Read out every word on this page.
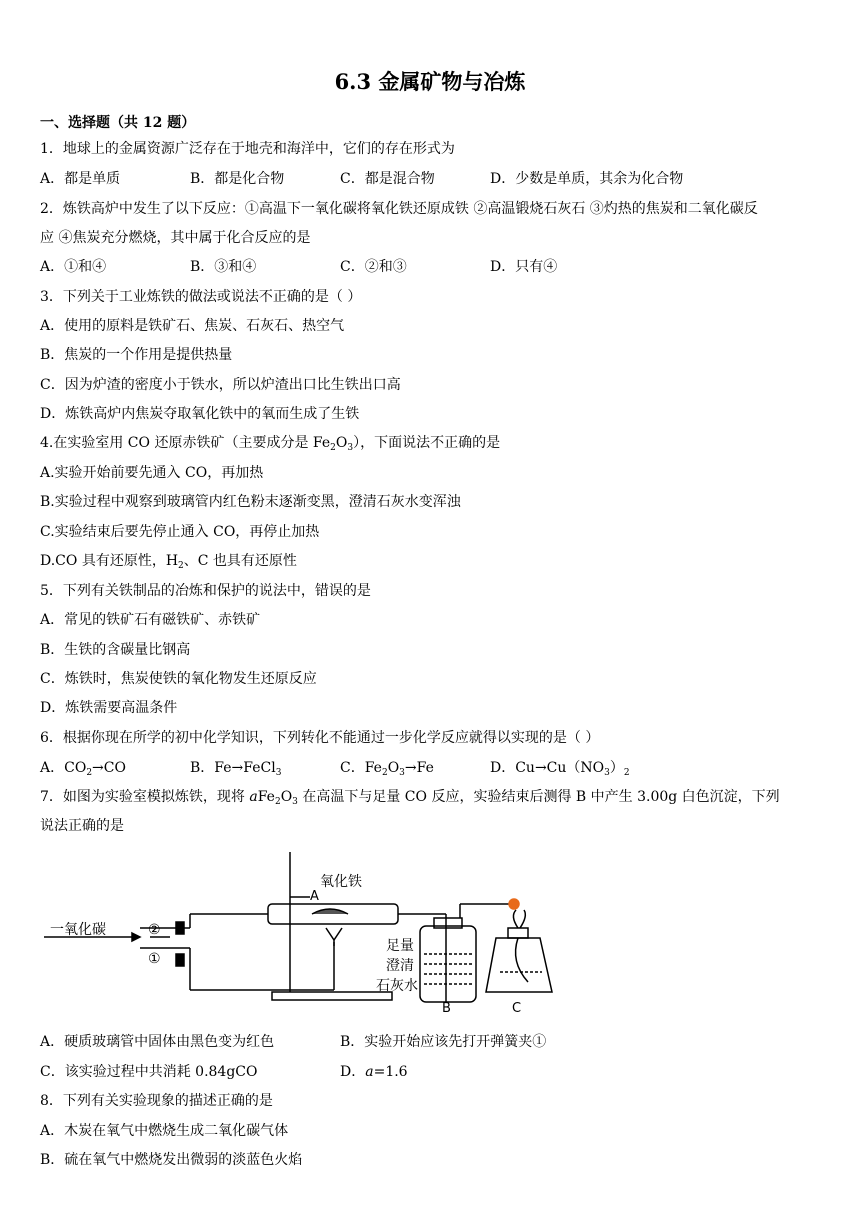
6.3 金属矿物与冶炼
一、选择题（共 12 题）
1．地球上的金属资源广泛存在于地壳和海洋中，它们的存在形式为
A．都是单质	B．都是化合物	C．都是混合物	D．少数是单质，其余为化合物
2．炼铁高炉中发生了以下反应：①高温下一氧化碳将氧化铁还原成铁 ②高温锻烧石灰石 ③灼热的焦炭和二氧化碳反
应 ④焦炭充分燃烧，其中属于化合反应的是
A．①和④	B．③和④	C．②和③	D．只有④
3．下列关于工业炼铁的做法或说法不正确的是（ ）
A．使用的原料是铁矿石、焦炭、石灰石、热空气
B．焦炭的一个作用是提供热量
C．因为炉渣的密度小于铁水，所以炉渣出口比生铁出口高
D．炼铁高炉内焦炭夺取氧化铁中的氧而生成了生铁
4.在实验室用 CO 还原赤铁矿（主要成分是 $Fe_2O_3$），下面说法不正确的是
A.实验开始前要先通入 CO，再加热
B.实验过程中观察到玻璃管内红色粉末逐渐变黑，澄清石灰水变浑浊
C.实验结束后要先停止通入 CO，再停止加热
D.CO 具有还原性，$H_2$、C 也具有还原性
5．下列有关铁制品的冶炼和保护的说法中，错误的是
A．常见的铁矿石有磁铁矿、赤铁矿
B．生铁的含碳量比钢高
C．炼铁时，焦炭使铁的氧化物发生还原反应
D．炼铁需要高温条件
6．根据你现在所学的初中化学知识，下列转化不能通过一步化学反应就得以实现的是（ ）
A．$CO_2\to CO$	B．Fe→FeCl$_3$	C．$Fe_2O_3\to Fe$	D．$Cu\to Cu(NO_3)_2$
7．如图为实验室模拟炼铁，现将 $aFe_2O_3$ 在高温下与足量 CO 反应，实验结束后测得 B 中产生 3.00g 白色沉淀，下列
说法正确的是
一氧化碳	②
①
氧化铁
A
足量
澄清
石灰水
B	C
A．硬质玻璃管中固体由黑色变为红色	B．实验开始应该先打开弹簧夹①
C．该实验过程中共消耗 0.84gCO	D．a=1.6
8．下列有关实验现象的描述正确的是
A．木炭在氧气中燃烧生成二氧化碳气体
B．硫在氧气中燃烧发出微弱的淡蓝色火焰
